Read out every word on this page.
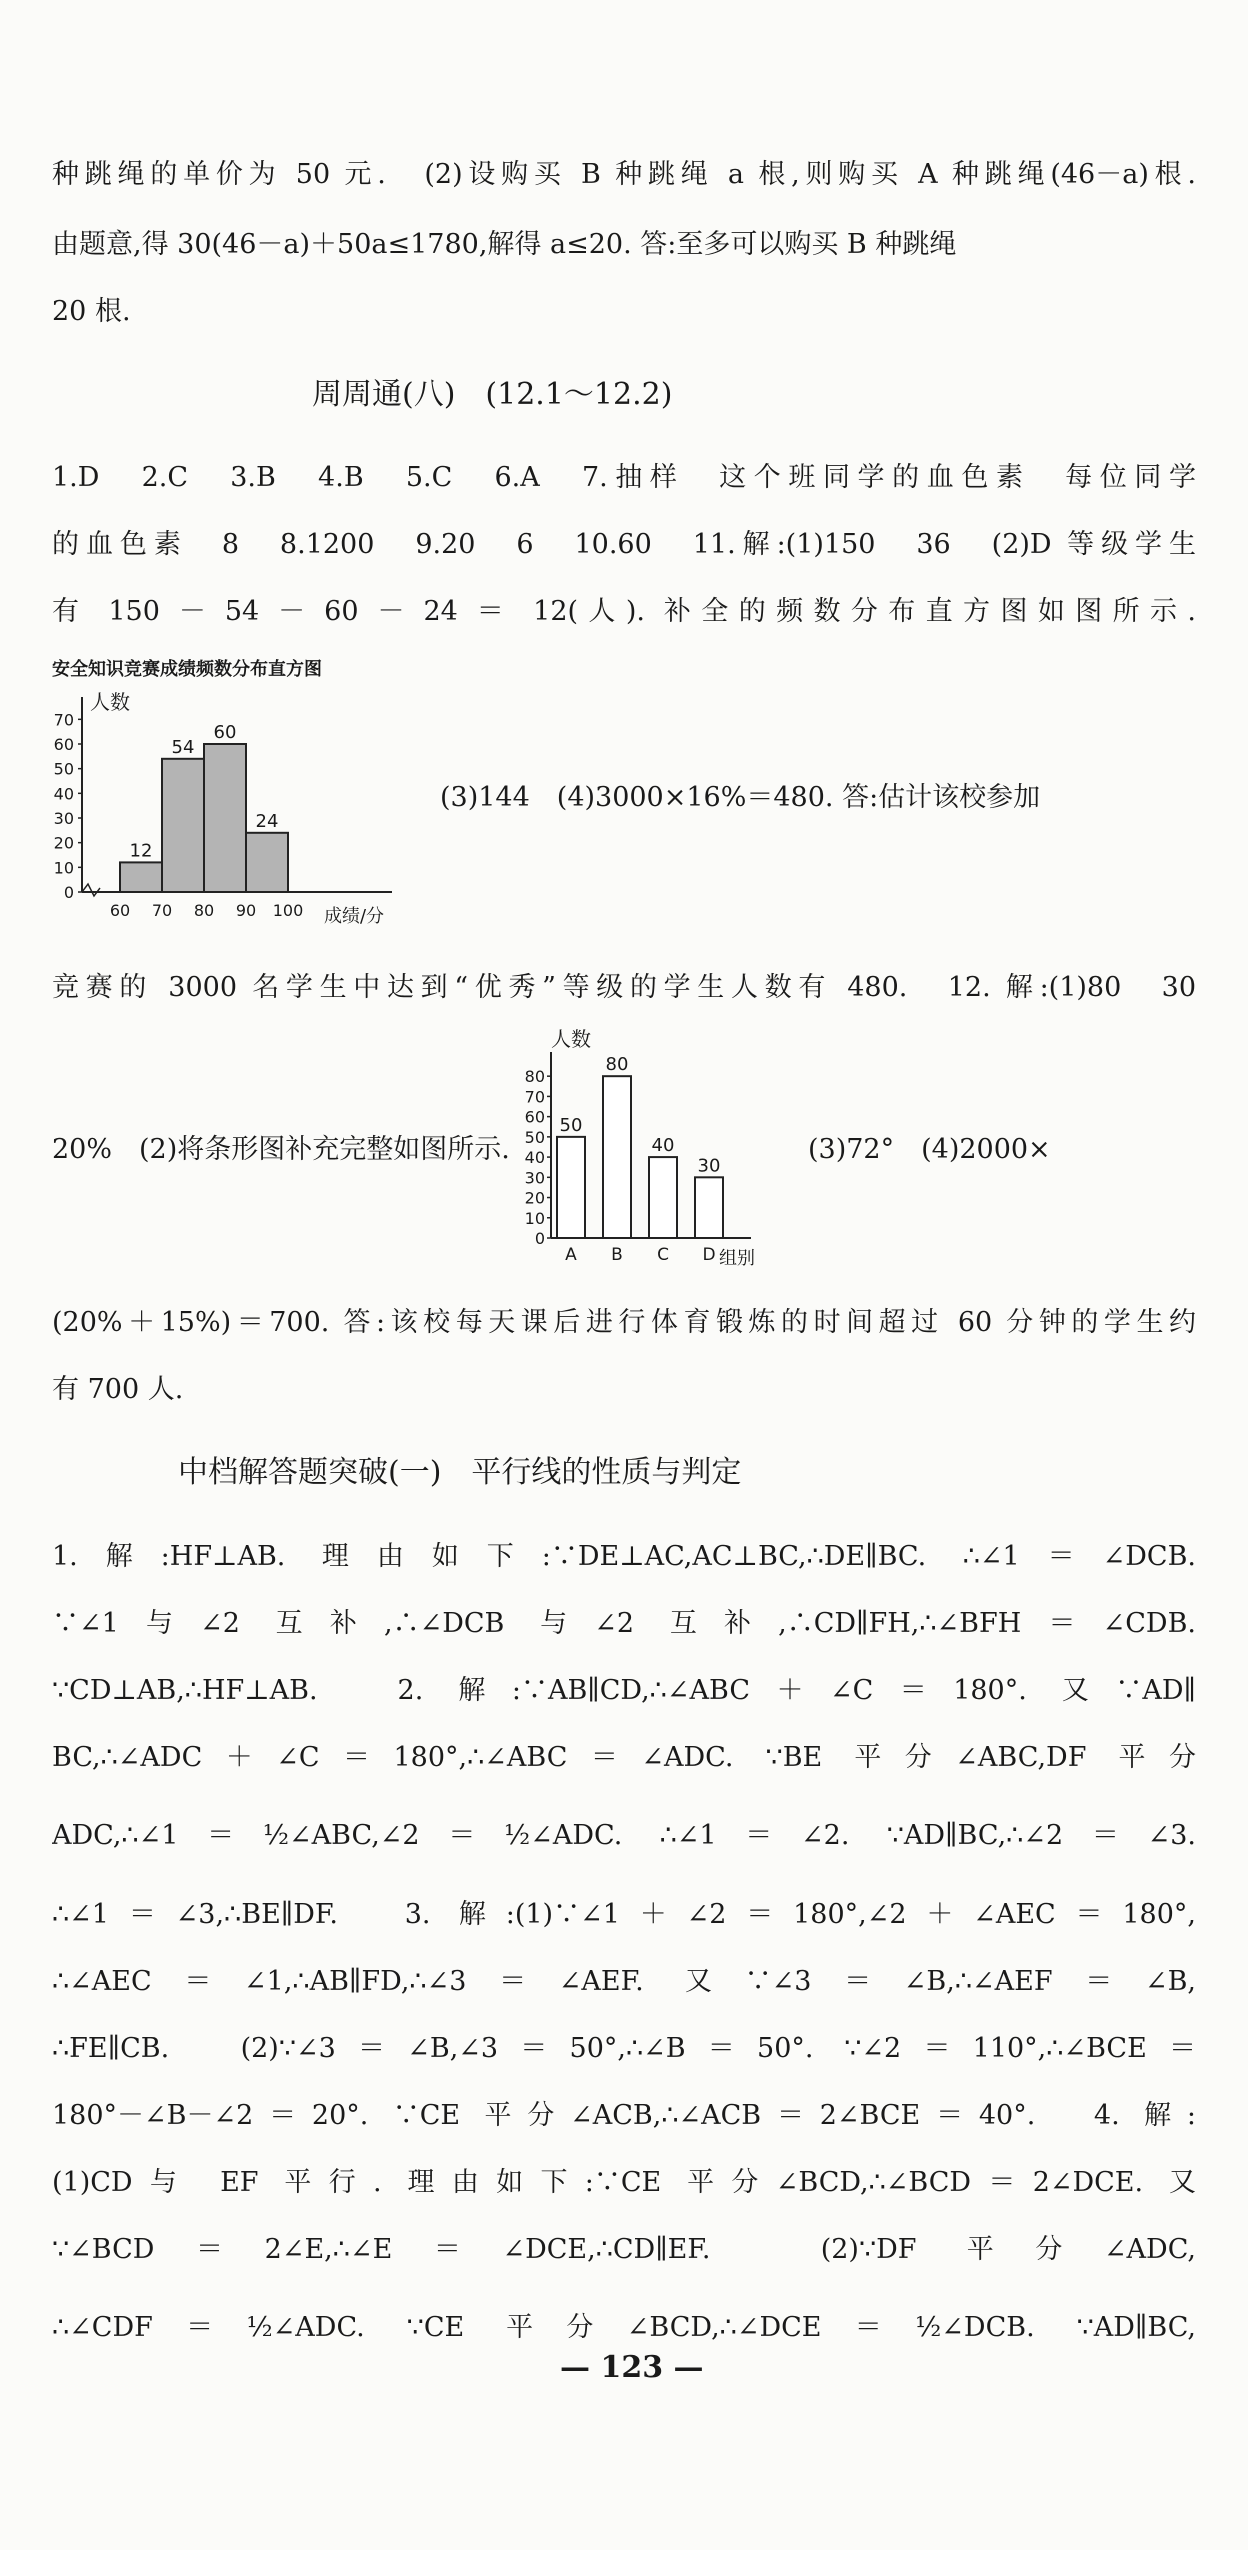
种跳绳的单价为 50 元.　(2)设购买 B 种跳绳 a 根,则购买 A 种跳绳(46－a)根.
由题意,得 30(46－a)＋50a≤1780,解得 a≤20. 答:至多可以购买 B 种跳绳
20 根.
周周通(八)　(12.1～12.2)
1.D　2.C　3.B　4.B　5.C　6.A　7.抽样　这个班同学的血色素　每位同学
的血色素　8　8.1200　9.20　6　10.60　11.解:(1)150　36　(2)D 等级学生
有 150 － 54 － 60 － 24 ＝ 12(人). 补全的频数分布直方图如图所示.
安全知识竞赛成绩频数分布直方图
0
10
20
30
40
50
60
70
人数
12
54
60
24
60 70 80 90 100 成绩/分
(3)144　(4)3000×16%＝480. 答:估计该校参加
竞赛的 3000 名学生中达到“优秀”等级的学生人数有 480.　12. 解:(1)80　30
20%　(2)将条形图补充完整如图所示.
0
10
20
30
40
50
60
70
80
人数
50
A
80
B
40
C
30
D 组别
(3)72°　(4)2000×
(20%＋15%)＝700. 答:该校每天课后进行体育锻炼的时间超过 60 分钟的学生约
有 700 人.
中档解答题突破(一)　平行线的性质与判定
1.解:HF⊥AB. 理由如下:∵DE⊥AC,AC⊥BC,∴DE∥BC. ∴∠1＝∠DCB.
∵∠1与∠2 互补,∴∠DCB 与∠2 互补,∴CD∥FH,∴∠BFH＝∠CDB.
∵CD⊥AB,∴HF⊥AB.　2. 解:∵AB∥CD,∴∠ABC＋∠C＝180°. 又∵AD∥
BC,∴∠ADC＋∠C＝180°,∴∠ABC＝∠ADC. ∵BE 平分∠ABC,DF 平分
ADC,∴∠1＝½∠ABC,∠2＝½∠ADC. ∴∠1＝∠2. ∵AD∥BC,∴∠2＝∠3.
∴∠1＝∠3,∴BE∥DF.　3. 解:(1)∵∠1＋∠2＝180°,∠2＋∠AEC＝180°,
∴∠AEC＝∠1,∴AB∥FD,∴∠3＝∠AEF. 又∵∠3＝∠B,∴∠AEF＝∠B,
∴FE∥CB.　(2)∵∠3＝∠B,∠3＝50°,∴∠B＝50°. ∵∠2＝110°,∴∠BCE＝
180°－∠B－∠2＝20°. ∵CE 平分∠ACB,∴∠ACB＝2∠BCE＝40°.　4. 解:
(1)CD与 EF 平行. 理由如下:∵CE 平分∠BCD,∴∠BCD＝2∠DCE. 又
∵∠BCD＝2∠E,∴∠E＝∠DCE,∴CD∥EF.　(2)∵DF 平分∠ADC,
∴∠CDF＝½∠ADC. ∵CE 平分∠BCD,∴∠DCE＝½∠DCB. ∵AD∥BC,
— 123 —
